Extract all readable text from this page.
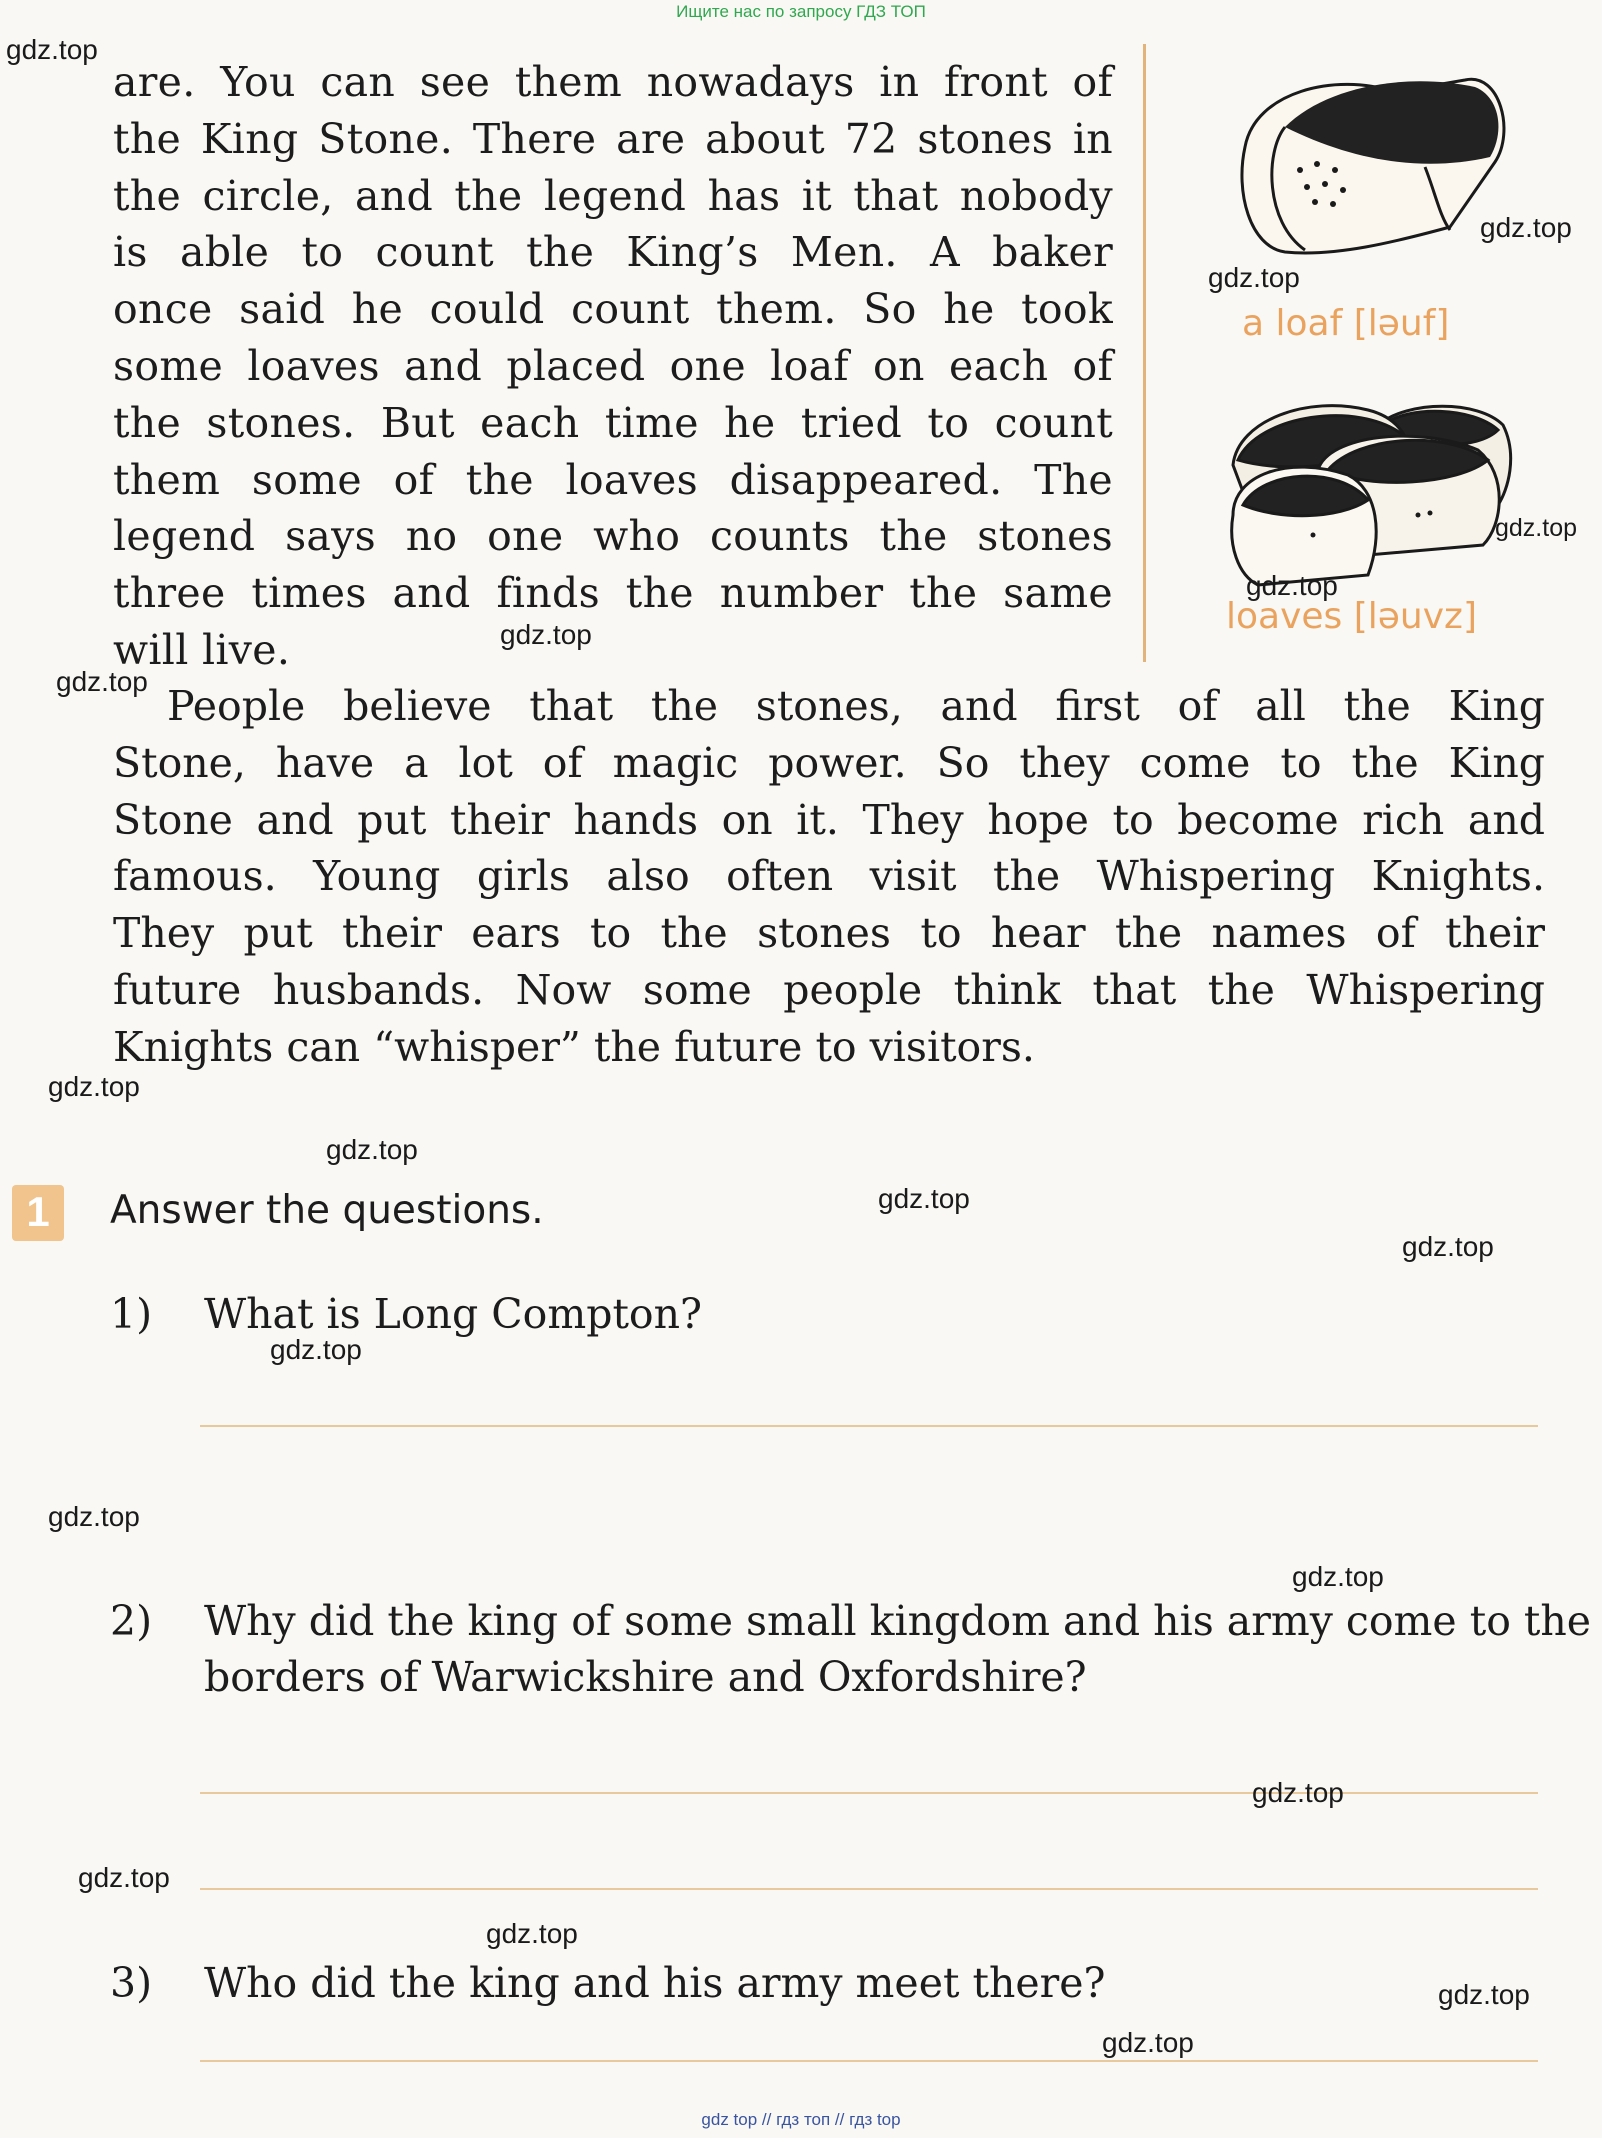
Ищите нас по запросу ГДЗ ТОП
a loaf [ləuf]
loaves [ləuvz]
are. You can see them nowadays in front of
the King Stone. There are about 72 stones in
the circle, and the legend has it that nobody
is able to count the King’s Men. A baker
once said he could count them. So he took
some loaves and placed one loaf on each of
the stones. But each time he tried to count
them some of the loaves disappeared. The
legend says no one who counts the stones
three times and finds the number the same
will live.
People believe that the stones, and first of all the King
Stone, have a lot of magic power. So they come to the King
Stone and put their hands on it. They hope to become rich and
famous. Young girls also often visit the Whispering Knights.
They put their ears to the stones to hear the names of their
future husbands. Now some people think that the Whispering
Knights can “whisper” the future to visitors.
1	Answer the questions.
1) What is Long Compton?
2) Why did the king of some small kingdom and his army come to the borders of Warwickshire and Oxfordshire?
3) Who did the king and his army meet there?
gdz.top
gdz.top
gdz.top
gdz.top
gdz.top
gdz.top
gdz.top
gdz.top
gdz.top
gdz.top
gdz.top
gdz.top
gdz.top
gdz.top
gdz.top
gdz.top
gdz.top
gdz.top
gdz.top
gdz top // гдз топ // гдз top
